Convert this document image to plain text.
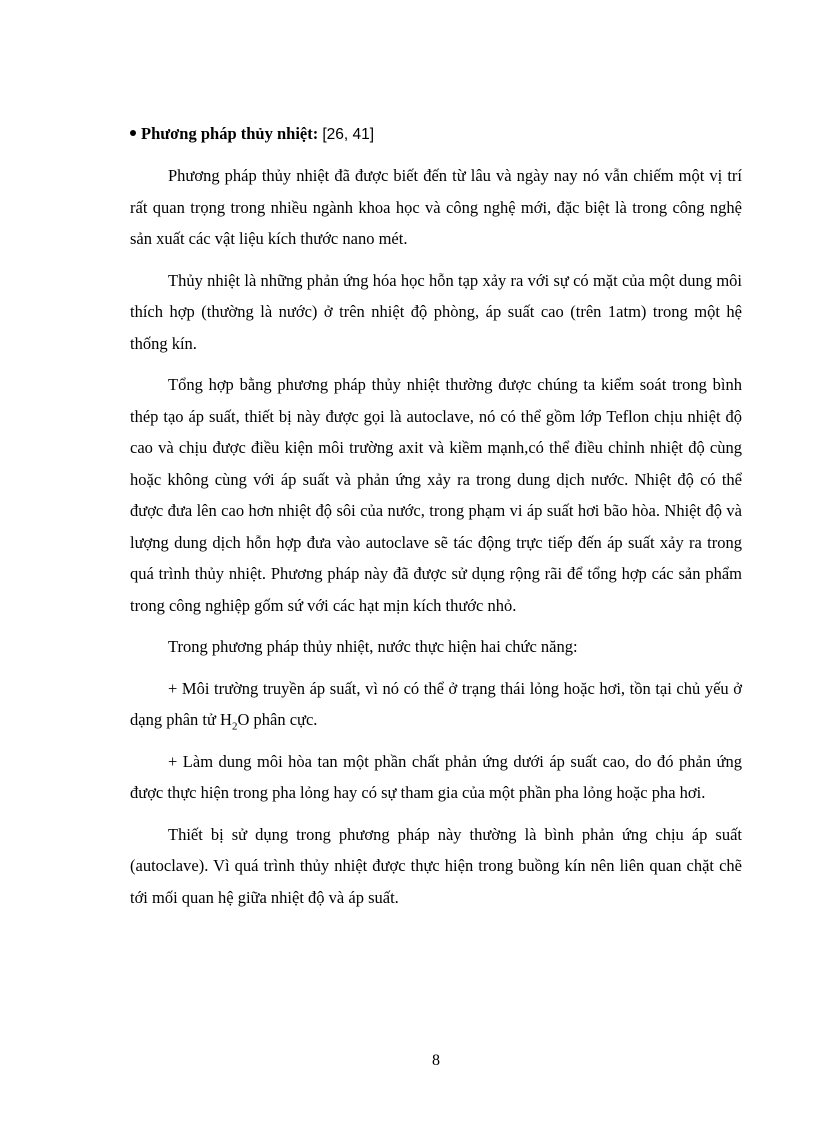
Phương pháp thủy nhiệt: [26, 41]

Phương pháp thủy nhiệt đã được biết đến từ lâu và ngày nay nó vẫn chiếm một vị trí rất quan trọng trong nhiều ngành khoa học và công nghệ mới, đặc biệt là trong công nghệ sản xuất các vật liệu kích thước nano mét.

Thủy nhiệt là những phản ứng hóa học hỗn tạp xảy ra với sự có mặt của một dung môi thích hợp (thường là nước) ở trên nhiệt độ phòng, áp suất cao (trên 1atm) trong một hệ thống kín.

Tổng hợp bằng phương pháp thủy nhiệt thường được chúng ta kiểm soát trong bình thép tạo áp suất, thiết bị này được gọi là autoclave, nó có thể gồm lớp Teflon chịu nhiệt độ cao và chịu được điều kiện môi trường axit và kiềm mạnh,có thể điều chỉnh nhiệt độ cùng hoặc không cùng với áp suất và phản ứng xảy ra trong dung dịch nước. Nhiệt độ có thể được đưa lên cao hơn nhiệt độ sôi của nước, trong phạm vi áp suất hơi bão hòa. Nhiệt độ và lượng dung dịch hỗn hợp đưa vào autoclave sẽ tác động trực tiếp đến áp suất xảy ra trong quá trình thủy nhiệt. Phương pháp này đã được sử dụng rộng rãi để tổng hợp các sản phẩm trong công nghiệp gốm sứ với các hạt mịn kích thước nhỏ.

Trong phương pháp thủy nhiệt, nước thực hiện hai chức năng:

+ Môi trường truyền áp suất, vì nó có thể ở trạng thái lỏng hoặc hơi, tồn tại chủ yếu ở dạng phân tử $H_2O$ phân cực.

+ Làm dung môi hòa tan một phần chất phản ứng dưới áp suất cao, do đó phản ứng được thực hiện trong pha lỏng hay có sự tham gia của một phần pha lỏng hoặc pha hơi.

Thiết bị sử dụng trong phương pháp này thường là bình phản ứng chịu áp suất (autoclave). Vì quá trình thủy nhiệt được thực hiện trong buồng kín nên liên quan chặt chẽ tới mối quan hệ giữa nhiệt độ và áp suất.

8
